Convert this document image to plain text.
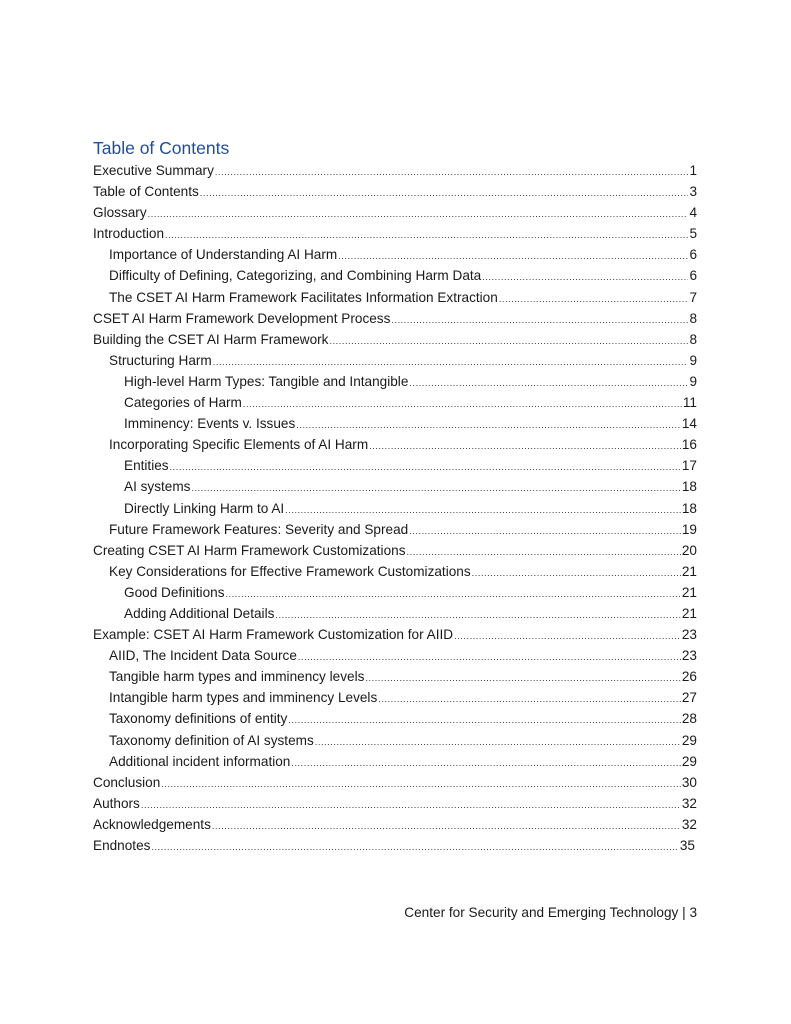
Table of Contents
Executive Summary .....	1
Table of Contents .....	3
Glossary .....	4
Introduction .....	5
Importance of Understanding AI Harm .....	6
Difficulty of Defining, Categorizing, and Combining Harm Data .....	6
The CSET AI Harm Framework Facilitates Information Extraction .....	7
CSET AI Harm Framework Development Process .....	8
Building the CSET AI Harm Framework .....	8
Structuring Harm .....	9
High-level Harm Types: Tangible and Intangible .....	9
Categories of Harm .....	11
Imminency: Events v. Issues .....	14
Incorporating Specific Elements of AI Harm .....	16
Entities .....	17
AI systems .....	18
Directly Linking Harm to AI .....	18
Future Framework Features: Severity and Spread .....	19
Creating CSET AI Harm Framework Customizations .....	20
Key Considerations for Effective Framework Customizations .....	21
Good Definitions .....	21
Adding Additional Details .....	21
Example: CSET AI Harm Framework Customization for AIID .....	23
AIID, The Incident Data Source .....	23
Tangible harm types and imminency levels .....	26
Intangible harm types and imminency Levels .....	27
Taxonomy definitions of entity .....	28
Taxonomy definition of AI systems .....	29
Additional incident information .....	29
Conclusion .....	30
Authors .....	32
Acknowledgements .....	32
Endnotes .....	35
Center for Security and Emerging Technology | 3
